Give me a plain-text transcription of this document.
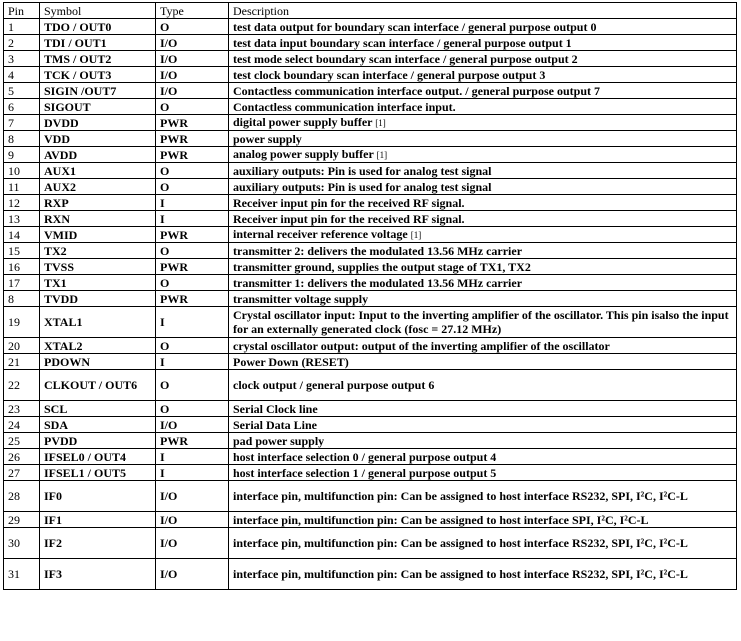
Pin	Symbol	Type	Description
1	TDO / OUT0	O	test data output for boundary scan interface / general purpose output 0
2	TDI / OUT1	I/O	test data input boundary scan interface / general purpose output 1
3	TMS / OUT2	I/O	test mode select boundary scan interface / general purpose output 2
4	TCK / OUT3	I/O	test clock boundary scan interface / general purpose output 3
5	SIGIN /OUT7	I/O	Contactless communication interface output. / general purpose output 7
6	SIGOUT	O	Contactless communication interface input.
7	DVDD	PWR	digital power supply buffer [1]
8	VDD	PWR	power supply
9	AVDD	PWR	analog power supply buffer [1]
10	AUX1	O	auxiliary outputs: Pin is used for analog test signal
11	AUX2	O	auxiliary outputs: Pin is used for analog test signal
12	RXP	I	Receiver input pin for the received RF signal.
13	RXN	I	Receiver input pin for the received RF signal.
14	VMID	PWR	internal receiver reference voltage [1]
15	TX2	O	transmitter 2: delivers the modulated 13.56 MHz carrier
16	TVSS	PWR	transmitter ground, supplies the output stage of TX1, TX2
17	TX1	O	transmitter 1: delivers the modulated 13.56 MHz carrier
8	TVDD	PWR	transmitter voltage supply
19	XTAL1	I	Crystal oscillator input: Input to the inverting amplifier of the oscillator. This pin isalso the input for an externally generated clock (fosc = 27.12 MHz)
20	XTAL2	O	crystal oscillator output: output of the inverting amplifier of the oscillator
21	PDOWN	I	Power Down (RESET)
22	CLKOUT / OUT6	O	clock output / general purpose output 6
23	SCL	O	Serial Clock line
24	SDA	I/O	Serial Data Line
25	PVDD	PWR	pad power supply
26	IFSEL0 / OUT4	I	host interface selection 0 / general purpose output 4
27	IFSEL1 / OUT5	I	host interface selection 1 / general purpose output 5
28	IF0	I/O	interface pin, multifunction pin: Can be assigned to host interface RS232, SPI, I²C, I²C-L
29	IF1	I/O	interface pin, multifunction pin: Can be assigned to host interface SPI, I²C, I²C-L
30	IF2	I/O	interface pin, multifunction pin: Can be assigned to host interface RS232, SPI, I²C, I²C-L
31	IF3	I/O	interface pin, multifunction pin: Can be assigned to host interface RS232, SPI, I²C, I²C-L
